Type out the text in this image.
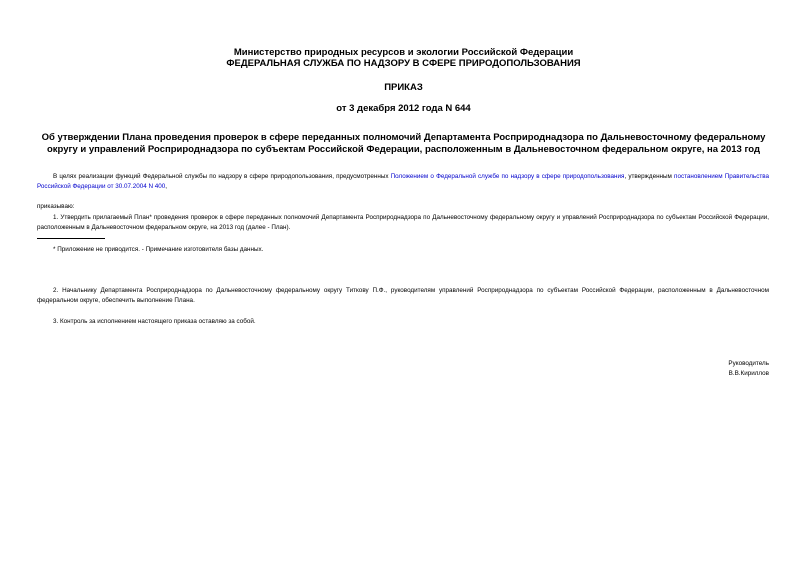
Министерство природных ресурсов и экологии Российской Федерации
ФЕДЕРАЛЬНАЯ СЛУЖБА ПО НАДЗОРУ В СФЕРЕ ПРИРОДОПОЛЬЗОВАНИЯ
ПРИКАЗ
от 3 декабря 2012 года N 644
Об утверждении Плана проведения проверок в сфере переданных полномочий Департамента Росприроднадзора по Дальневосточному федеральному округу и управлений Росприроднадзора по субъектам Российской Федерации, расположенным в Дальневосточном федеральном округе, на 2013 год
В целях реализации функций Федеральной службы по надзору в сфере природопользования, предусмотренных Положением о Федеральной службе по надзору в сфере природопользования, утвержденным постановлением Правительства Российской Федерации от 30.07.2004 N 400,
приказываю:
1. Утвердить прилагаемый План* проведения проверок в сфере переданных полномочий Департамента Росприроднадзора по Дальневосточному федеральному округу и управлений Росприроднадзора по субъектам Российской Федерации, расположенным в Дальневосточном федеральном округе, на 2013 год (далее - План).
* Приложение не приводится. - Примечание изготовителя базы данных.
2. Начальнику Департамента Росприроднадзора по Дальневосточному федеральному округу Титкову П.Ф., руководителям управлений Росприроднадзора по субъектам Российской Федерации, расположенным в Дальневосточном федеральном округе, обеспечить выполнение Плана.
3. Контроль за исполнением настоящего приказа оставляю за собой.
Руководитель
В.В.Кириллов
